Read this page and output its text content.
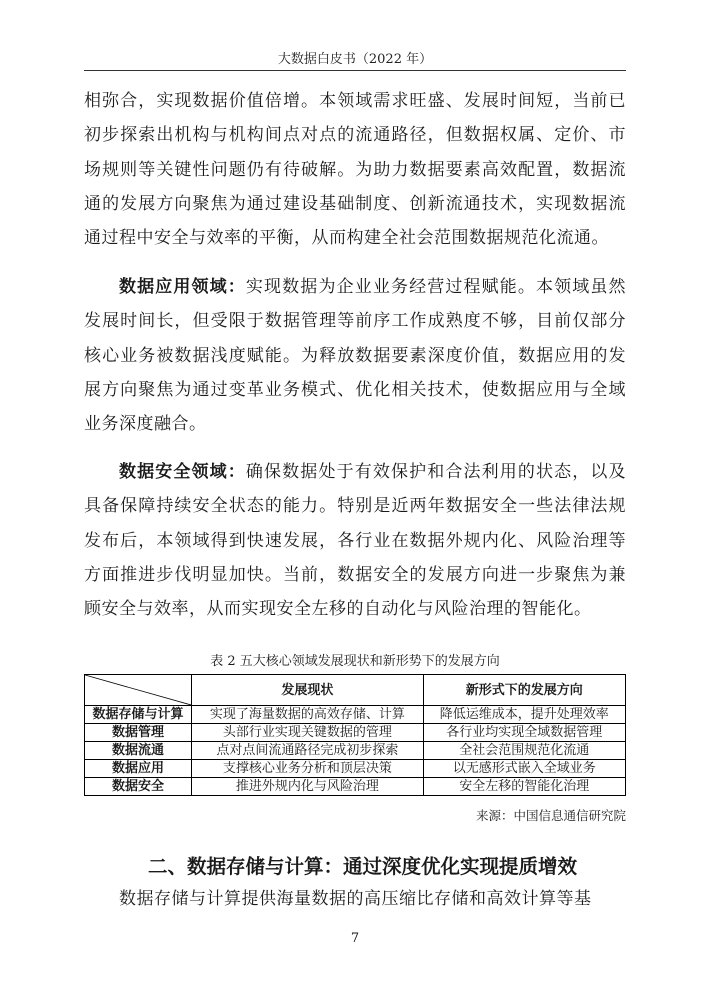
大数据白皮书（2022 年）

相弥合，实现数据价值倍增。本领域需求旺盛、发展时间短，当前已初步探索出机构与机构间点对点的流通路径，但数据权属、定价、市场规则等关键性问题仍有待破解。为助力数据要素高效配置，数据流通的发展方向聚焦为通过建设基础制度、创新流通技术，实现数据流通过程中安全与效率的平衡，从而构建全社会范围数据规范化流通。

数据应用领域：实现数据为企业业务经营过程赋能。本领域虽然发展时间长，但受限于数据管理等前序工作成熟度不够，目前仅部分核心业务被数据浅度赋能。为释放数据要素深度价值，数据应用的发展方向聚焦为通过变革业务模式、优化相关技术，使数据应用与全域业务深度融合。

数据安全领域：确保数据处于有效保护和合法利用的状态，以及具备保障持续安全状态的能力。特别是近两年数据安全一些法律法规发布后，本领域得到快速发展，各行业在数据外规内化、风险治理等方面推进步伐明显加快。当前，数据安全的发展方向进一步聚焦为兼顾安全与效率，从而实现安全左移的自动化与风险治理的智能化。

表 2 五大核心领域发展现状和新形势下的发展方向
	发展现状	新形式下的发展方向
数据存储与计算	实现了海量数据的高效存储、计算	降低运维成本，提升处理效率
数据管理	头部行业实现关键数据的管理	各行业均实现全域数据管理
数据流通	点对点间流通路径完成初步探索	全社会范围规范化流通
数据应用	支撑核心业务分析和顶层决策	以无感形式嵌入全域业务
数据安全	推进外规内化与风险治理	安全左移的智能化治理
来源：中国信息通信研究院
二、数据存储与计算：通过深度优化实现提质增效

数据存储与计算提供海量数据的高压缩比存储和高效计算等基

7
